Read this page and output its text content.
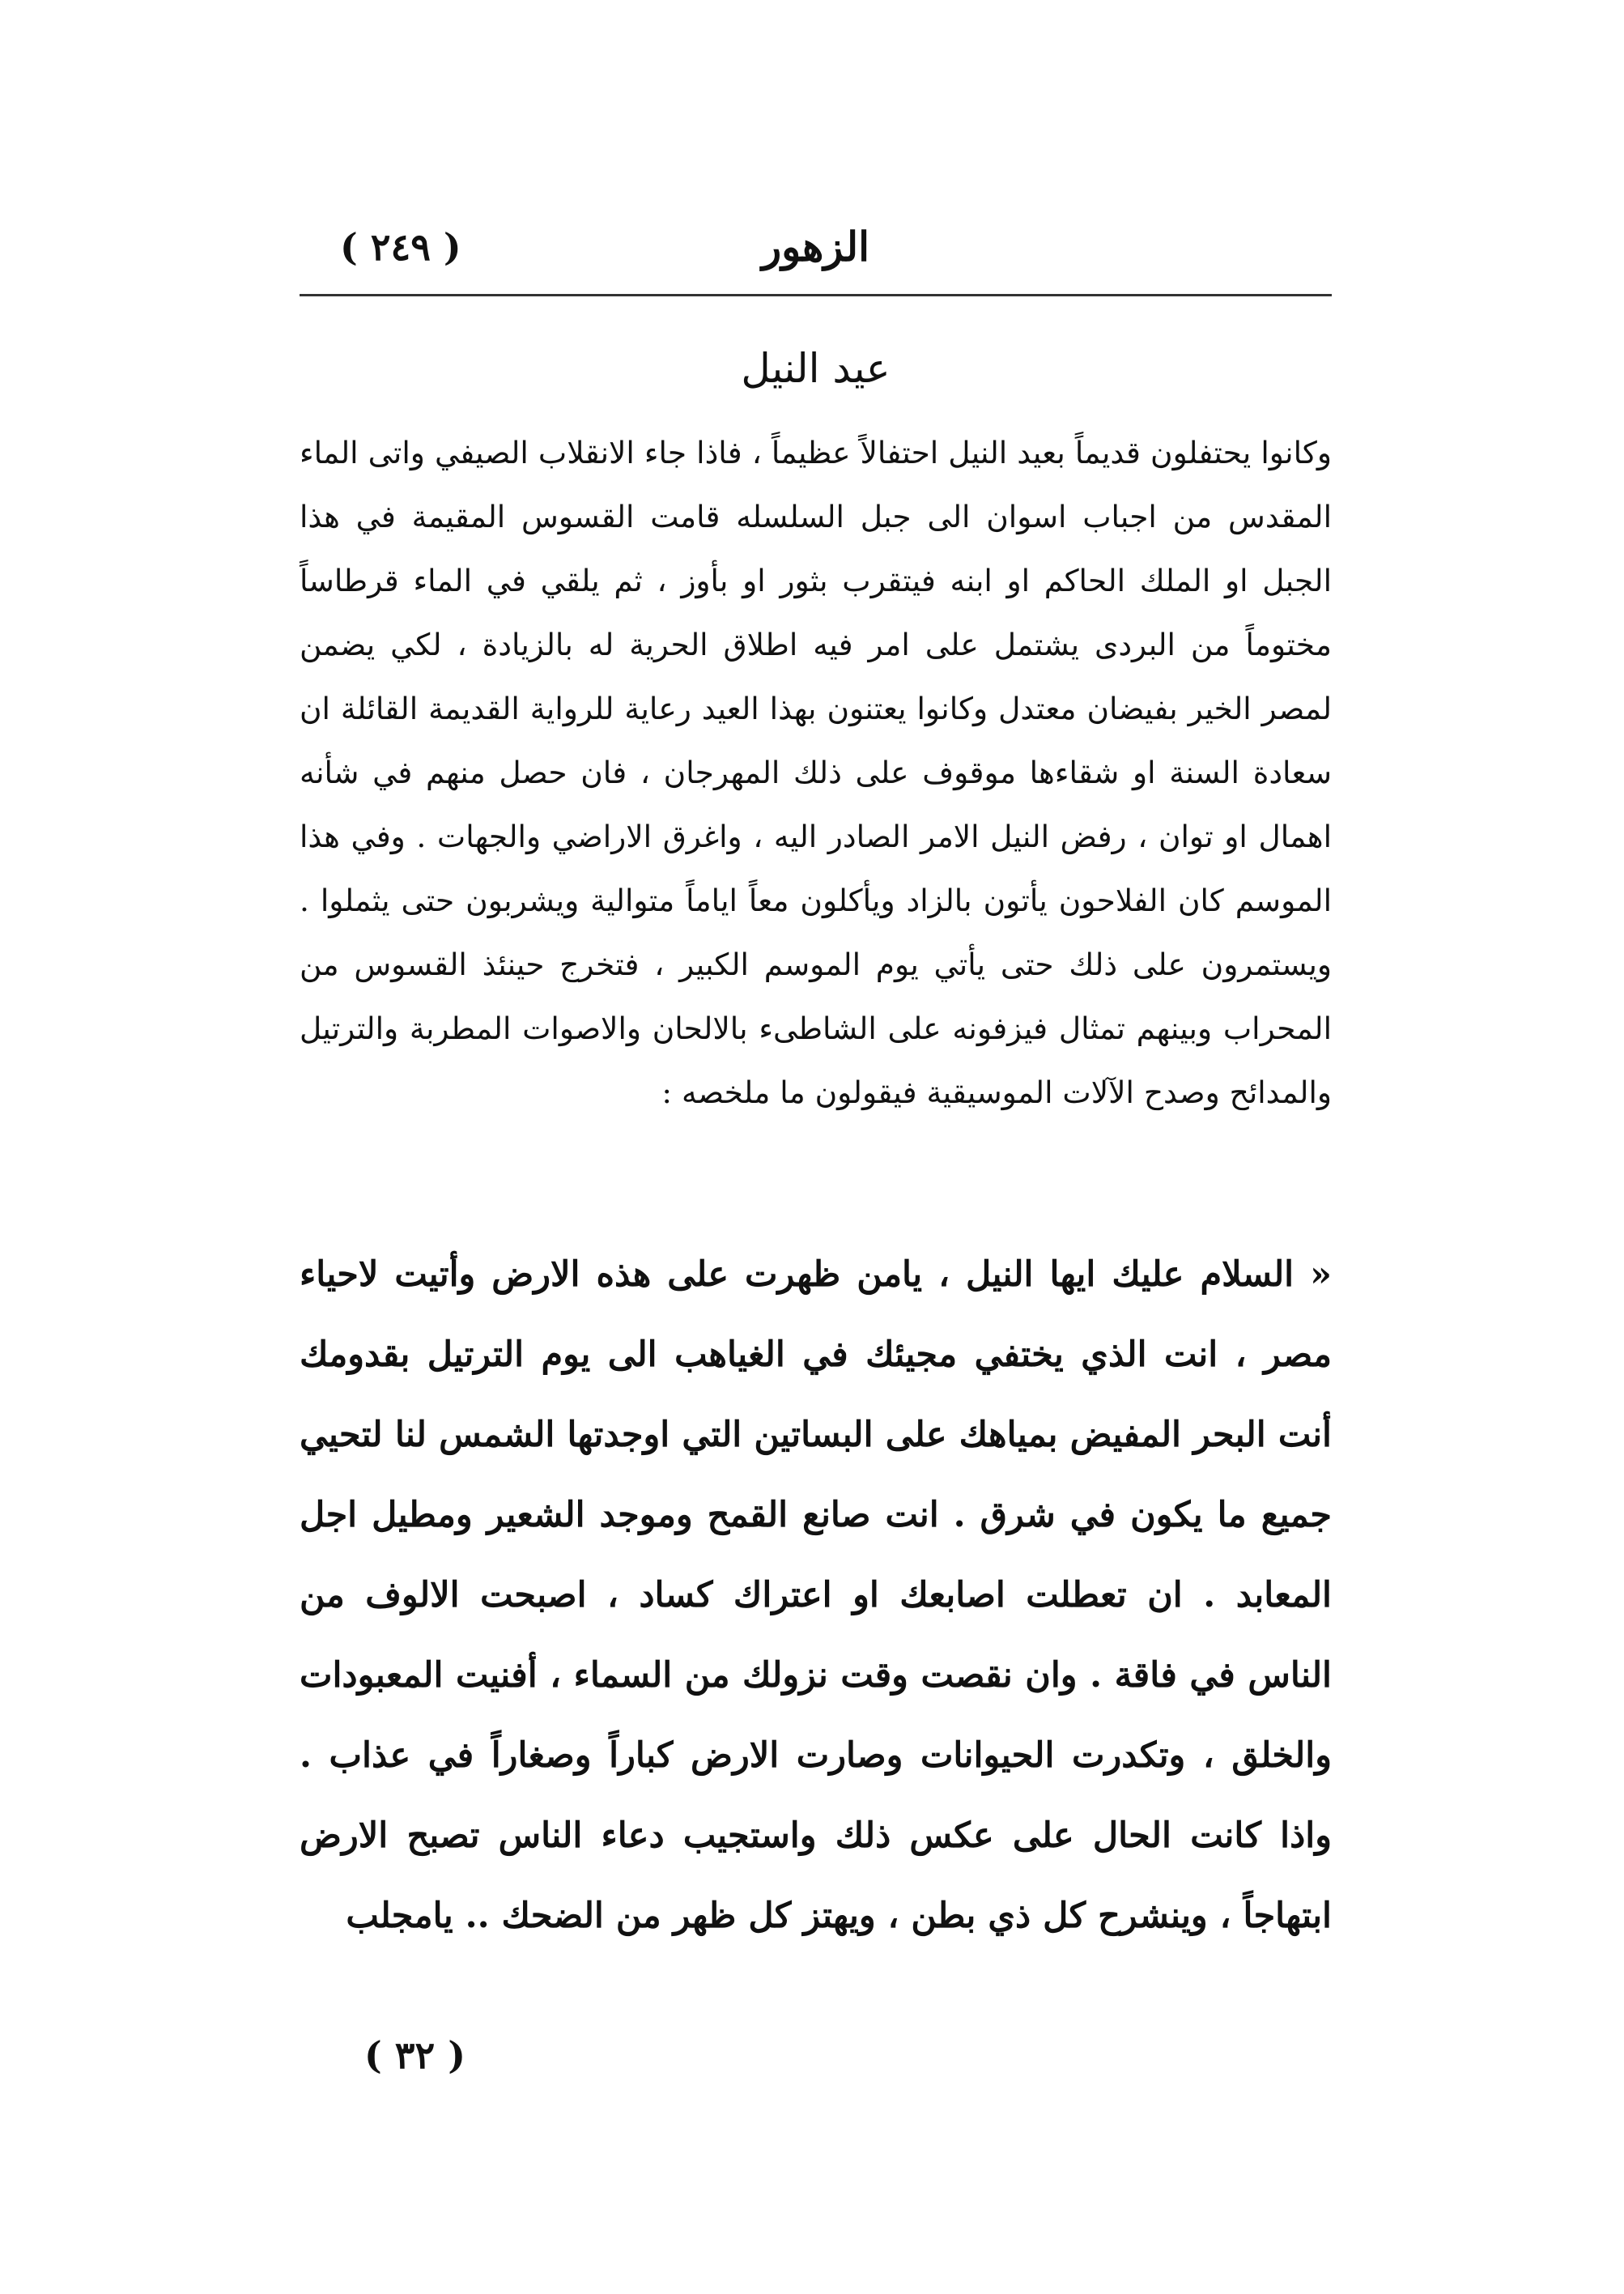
الزهور
( ٢٤٩ )
عيد النيل

وكانوا يحتفلون قديماً بعيد النيل احتفالاً عظيماً ، فاذا جاء الانقلاب الصيفي واتى الماء المقدس من اجباب اسوان الى جبل السلسله قامت القسوس المقيمة في هذا الجبل او الملك الحاكم او ابنه فيتقرب بثور او بأوز ، ثم يلقي في الماء قرطاساً مختوماً من البردى يشتمل على امر فيه اطلاق الحرية له بالزيادة ، لكي يضمن لمصر الخير بفيضان معتدل وكانوا يعتنون بهذا العيد رعاية للرواية القديمة القائلة ان سعادة السنة او شقاءها موقوف على ذلك المهرجان ، فان حصل منهم في شأنه اهمال او توان ، رفض النيل الامر الصادر اليه ، واغرق الاراضي والجهات . وفي هذا الموسم كان الفلاحون يأتون بالزاد ويأكلون معاً اياماً متوالية ويشربون حتى يثملوا . ويستمرون على ذلك حتى يأتي يوم الموسم الكبير ، فتخرج حينئذ القسوس من المحراب وبينهم تمثال فيزفونه على الشاطىء بالالحان والاصوات المطربة والترتيل والمدائح وصدح الآلات الموسيقية فيقولون ما ملخصه :

« السلام عليك ايها النيل ، يامن ظهرت على هذه الارض وأتيت لاحياء مصر ، انت الذي يختفي مجيئك في الغياهب الى يوم الترتيل بقدومك أنت البحر المفيض بمياهك على البساتين التي اوجدتها الشمس لنا لتحيي جميع ما يكون في شرق . انت صانع القمح وموجد الشعير ومطيل اجل المعابد . ان تعطلت اصابعك او اعتراك كساد ، اصبحت الالوف من الناس في فاقة . وان نقصت وقت نزولك من السماء ، أفنيت المعبودات والخلق ، وتكدرت الحيوانات وصارت الارض كباراً وصغاراً في عذاب . واذا كانت الحال على عكس ذلك واستجيب دعاء الناس تصبح الارض ابتهاجاً ، وينشرح كل ذي بطن ، ويهتز كل ظهر من الضحك .. يامجلب

( ٣٢ )
